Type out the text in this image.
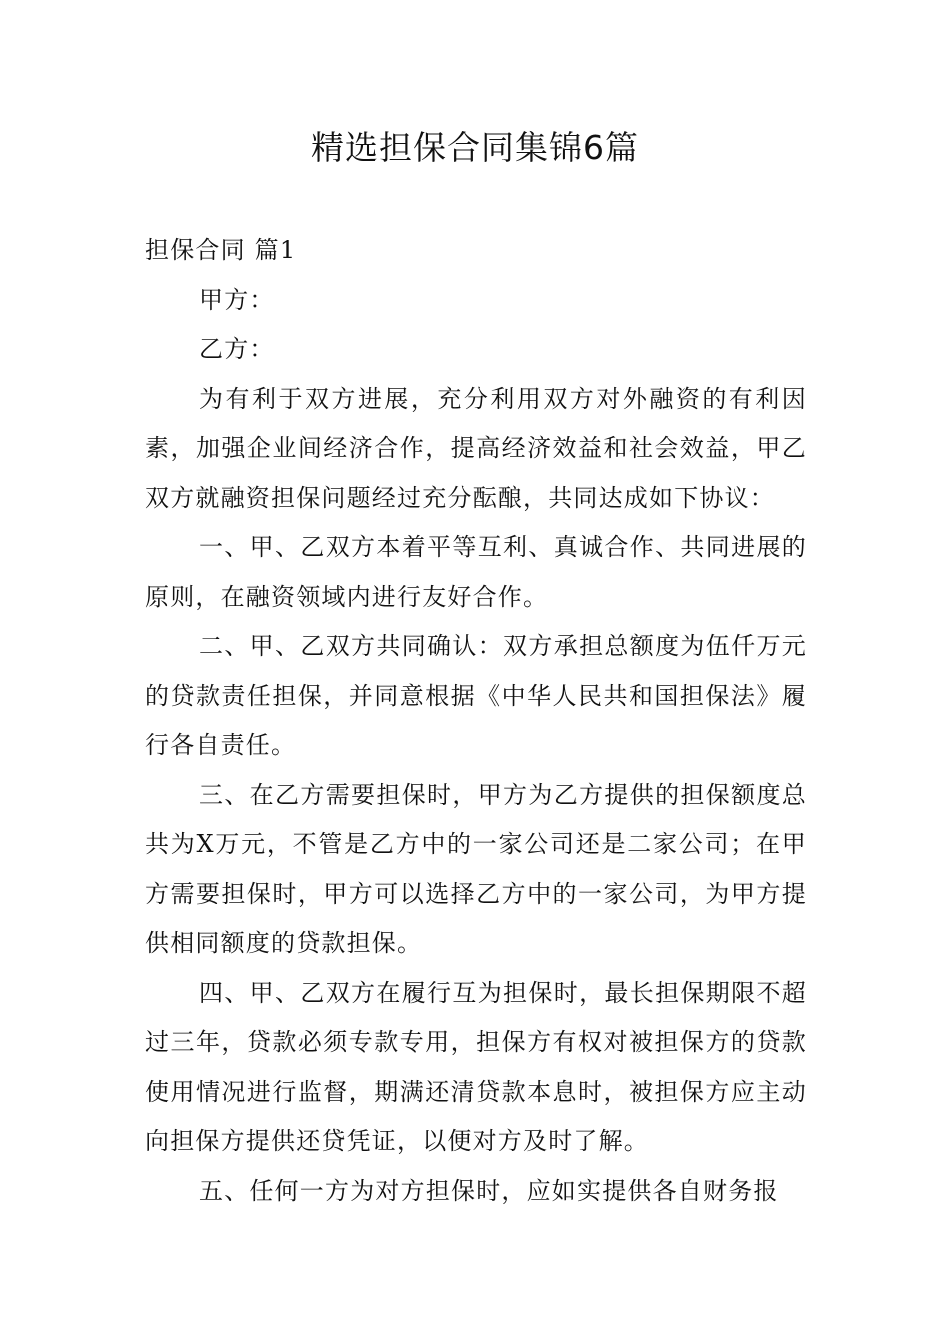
精选担保合同集锦6篇

担保合同 篇1

甲方：

乙方：

为有利于双方进展，充分利用双方对外融资的有利因素，加强企业间经济合作，提高经济效益和社会效益，甲乙双方就融资担保问题经过充分酝酿，共同达成如下协议：

一、甲、乙双方本着平等互利、真诚合作、共同进展的原则，在融资领域内进行友好合作。

二、甲、乙双方共同确认：双方承担总额度为伍仟万元的贷款责任担保，并同意根据《中华人民共和国担保法》履行各自责任。

三、在乙方需要担保时，甲方为乙方提供的担保额度总共为X万元，不管是乙方中的一家公司还是二家公司；在甲方需要担保时，甲方可以选择乙方中的一家公司，为甲方提供相同额度的贷款担保。

四、甲、乙双方在履行互为担保时，最长担保期限不超过三年，贷款必须专款专用，担保方有权对被担保方的贷款使用情况进行监督，期满还清贷款本息时，被担保方应主动向担保方提供还贷凭证，以便对方及时了解。

五、任何一方为对方担保时，应如实提供各自财务报
